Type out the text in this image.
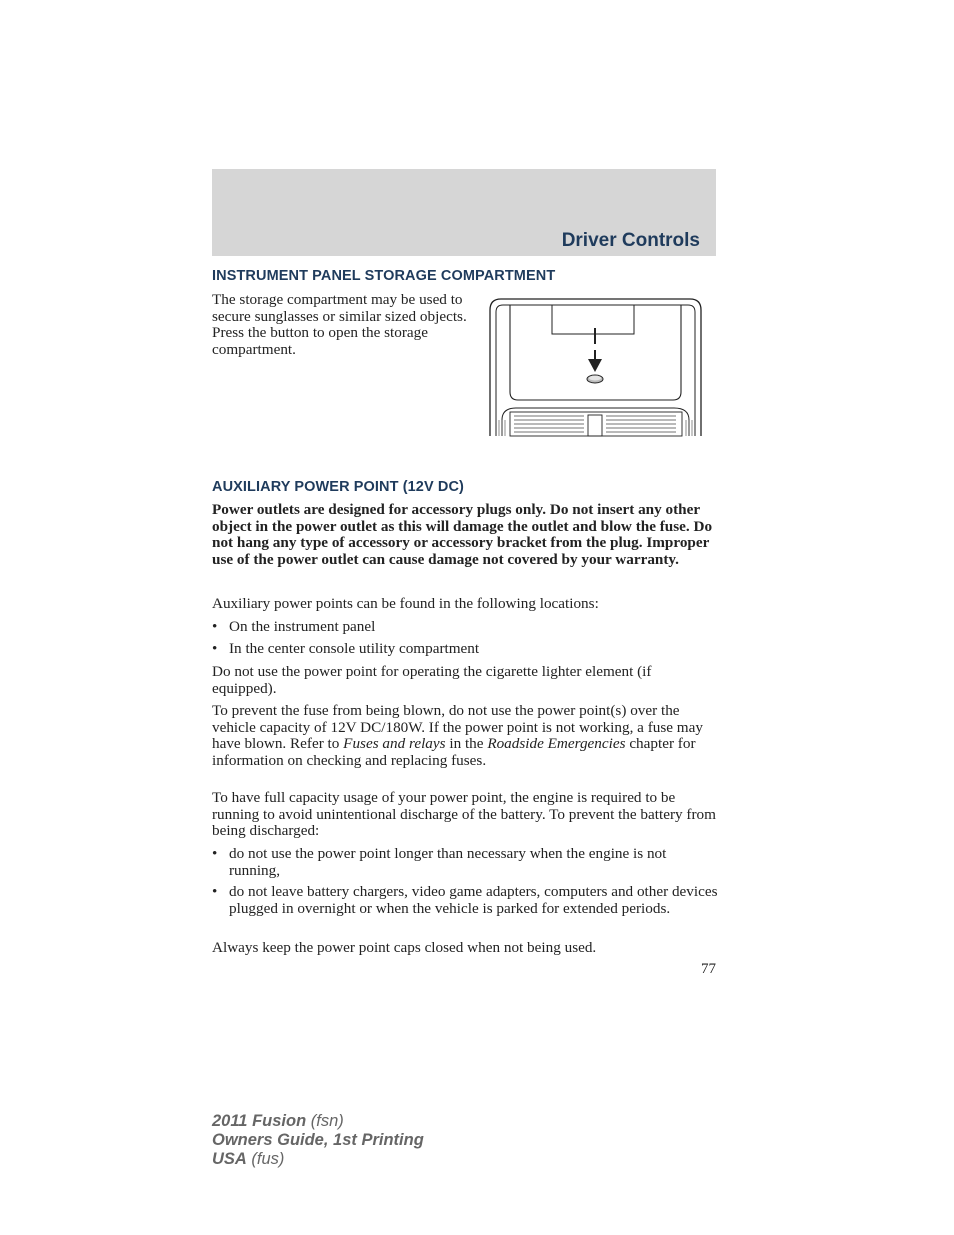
Driver Controls
INSTRUMENT PANEL STORAGE COMPARTMENT
The storage compartment may be used to secure sunglasses or similar sized objects. Press the button to open the storage compartment.
AUXILIARY POWER POINT (12V DC)
Power outlets are designed for accessory plugs only. Do not insert any other object in the power outlet as this will damage the outlet and blow the fuse. Do not hang any type of accessory or accessory bracket from the plug. Improper use of the power outlet can cause damage not covered by your warranty.
Auxiliary power points can be found in the following locations:
• On the instrument panel
• In the center console utility compartment
Do not use the power point for operating the cigarette lighter element (if equipped).
To prevent the fuse from being blown, do not use the power point(s) over the vehicle capacity of 12V DC/180W. If the power point is not working, a fuse may have blown. Refer to Fuses and relays in the Roadside Emergencies chapter for information on checking and replacing fuses.
To have full capacity usage of your power point, the engine is required to be running to avoid unintentional discharge of the battery. To prevent the battery from being discharged:
• do not use the power point longer than necessary when the engine is not running,
• do not leave battery chargers, video game adapters, computers and other devices plugged in overnight or when the vehicle is parked for extended periods.
Always keep the power point caps closed when not being used.
77
2011 Fusion (fsn)
Owners Guide, 1st Printing
USA (fus)
